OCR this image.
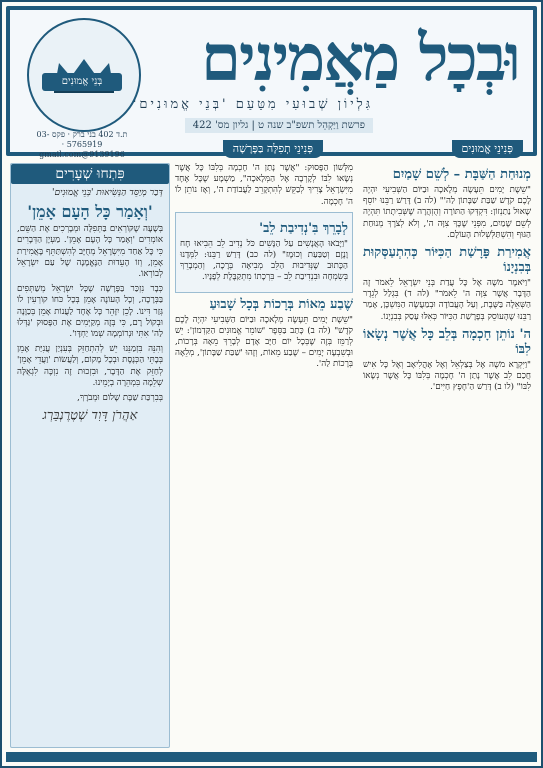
וּבְכָל מַאֲמִינִים
גִּלְיוֹן שְׁבוּעִי מִטַּעַם 'בְּנֵי אֱמוּנִים'
פרשת וַיַּקְהֵל תשפ"ב שנה ט | גליון מס' 422
בְּנֵי אֱמוּנִים
ת.ד 402 בני ברק · פקס 03-5765919 · 9139196@gmail.com	פְּנִינֵי אֱמוּנִים
פְּנִינֵי תְפִלָּה בַּפָּרָשָׁה
מְנוּחַת הַשַּׁבָּת – לְשֵׁם שָׁמַיִם

"שֵׁשֶׁת יָמִים תֵּעָשֶׂה מְלָאכָה וּבַיּוֹם הַשְּׁבִיעִי יִהְיֶה לָכֶם קֹדֶשׁ שַׁבַּת שַׁבָּתוֹן לַה'" (לה ב) דָּרַשׁ רַבֵּנוּ יוֹסֵף שָׁאוּל נַתַנְזוֹן: דִּקְדְּקוּ הַתּוֹרָה וְהֻזְהֲרָה שֶׁשְּׁבִיתָתוֹ תִּהְיֶה לְשֵׁם שָׁמַיִם, מִפְּנֵי שֶׁכָּךְ צִוָּה ה', וְלֹא לְצֹרֶךְ מְנוּחַת הַגּוּף וְהִשְׁתַּלְּשְׁלוּת הָעוֹלָם.

אֲמִירַת פָּרָשַׁת הַכִּיּוֹר כְּהִתְעַסְּקוּת בְּבִנְיָנוֹ

"וַיֹּאמֶר מֹשֶׁה אֶל כָּל עֲדַת בְּנֵי יִשְׂרָאֵל לֵאמֹר זֶה הַדָּבָר אֲשֶׁר צִוָּה ה' לֵאמֹר" (לה ד) בִּגְלַל לְגֵדֶר הַשְּׁאֵלָה בַּשֶּׁבֶת, וְעַל הָעֲבוֹדָה וּבְמַעֲשֶׂה הַמִּשְׁכָּן, אָמַר רַבֵּנוּ שֶׁהָעוֹסֵק בְּפָרָשַׁת הַכִּיּוֹר כְּאִלּוּ עָסַק בְּבִנְיָנוֹ.

ה' נוֹתֵן חָכְמָה בְּלֵב כָּל אֲשֶׁר נְשָׂאוֹ לִבּוֹ

"וַיִּקְרָא מֹשֶׁה אֶל בְּצַלְאֵל וְאֶל אָהֳלִיאָב וְאֶל כָּל אִישׁ חֲכַם לֵב אֲשֶׁר נָתַן ה' חָכְמָה בְּלִבּוֹ כָּל אֲשֶׁר נְשָׂאוֹ לִבּוֹ" (לו ב) דָּרַשׁ הַ'חֶפֶץ חַיִּים'.

מִלְּשׁוֹן הַפָּסוּק: "אֲשֶׁר נָתַן ה' חָכְמָה בְּלִבּוֹ כָּל אֲשֶׁר נְשָׂאוֹ לִבּוֹ לְקָרְבָה אֶל הַמְּלָאכָה", מַשְׁמָע שֶׁכָּל אֶחָד מִיִּשְׂרָאֵל צָרִיךְ לְבַקֵּשׁ לְהִתְקָרֵב לַעֲבוֹדַת ה', וְאָז נוֹתֵן לוֹ ה' חָכְמָה.

לְבָרֵךְ בִּ'נְדִיבַת לֵב'

"וַיָּבֹאוּ הָאֲנָשִׁים עַל הַנָּשִׁים כֹּל נְדִיב לֵב הֵבִיאוּ חָח וָנֶזֶם וְטַבַּעַת וְכוּמָז" (לה כב) דָּרַשׁ רַבֵּנוּ: לִמְּדָנוּ הַכָּתוּב שֶׁנְּדִיבוּת הַלֵּב מְבִיאָה בְּרָכָה, וְהַמְבָרֵךְ בְּשִׂמְחָה וּבִנְדִיבַת לֵב – בִּרְכָתוֹ מִתְקַבֶּלֶת לְפָנָיו.

שֶׁבַע מֵאוֹת בְּרָכוֹת בְּכָל שָׁבוּעַ

"שֵׁשֶׁת יָמִים תֵּעָשֶׂה מְלָאכָה וּבַיּוֹם הַשְּׁבִיעִי יִהְיֶה לָכֶם קֹדֶשׁ" (לה ב) כָּתַב בַּסֵּפֶר 'שׁוֹמֵר אֱמוּנִים הַקַּדְמוֹן': יֵשׁ לְרַמֵּז בְּזֶה שֶׁבְּכָל יוֹם חַיָּב אָדָם לְבָרֵךְ מֵאָה בְּרָכוֹת, וּבְשִׁבְעָה יָמִים – שֶׁבַע מֵאוֹת, וְזֶהוּ 'שַׁבַּת שַׁבָּתוֹן', מְלֵאָה בְּרָכוֹת לַה'.

פִּתְחוּ שְׁעָרִים
דְּבַר מְיַסֵּד הַנְּשִׂיאוּת 'בְּנֵי אֱמוּנִים'
'וְאָמַר כָּל הָעָם אָמֵן'

בְּשָׁעָה שֶׁקּוֹרְאִים בַּתְּפִלָּה וּמְבָרְכִים אֶת הַשֵּׁם, אוֹמְרִים 'וְאָמַר כָּל הָעָם אָמֵן'. מַעְיָן הַדְּבָרִים כִּי כָּל אַחַד מִיִּשְׂרָאֵל מְחֻיָּב לְהִשְׁתַּתֵּף בָּאֲמִירַת אָמֵן, וְזוֹ הָעֵדוּת הַנֶּאֱמָנָה שֶׁל עַם יִשְׂרָאֵל לְבוֹרְאוֹ.

כְּבָר נִזְכַּר בַּפָּרָשָׁה שֶׁכָּל יִשְׂרָאֵל מְשַׁתְּפִים בַּבְּרָכָה, וְכָל הָעוֹנֶה אָמֵן בְּכָל כֹּחוֹ קוֹרְעִין לוֹ גְּזַר דִּינוֹ. לָכֵן יִזָּהֵר כָּל אֶחָד לַעֲנוֹת אָמֵן בְּכַוָּנָה וּבְקוֹל רָם, כִּי בְּזֶה מְקַיְּמִים אֶת הַפָּסוּק 'גַּדְּלוּ לַה' אִתִּי וּנְרוֹמְמָה שְׁמוֹ יַחְדָּו'.

וְהִנֵּה בִּזְמַנֵּנוּ יֵשׁ לְהִתְחַזֵּק בְּעִנְיַן עֲנִיַּת אָמֵן בְּבָתֵּי הַכְּנֶסֶת וּבְכָל מָקוֹם, וְלַעֲשׂוֹת 'וַעֲדֵי אָמֵן' לְחַזֵּק אֶת הַדָּבָר, וּבִזְכוּת זֶה נִזְכֶּה לִגְאֻלָּה שְׁלֵמָה בִּמְהֵרָה בְיָמֵינוּ.

בְּבִרְכַּת שַׁבָּת שָׁלוֹם וּמְבֹרָךְ,

אַהֲרֹן דָּוִד שְׁטֶרֶנְבַּרְג
